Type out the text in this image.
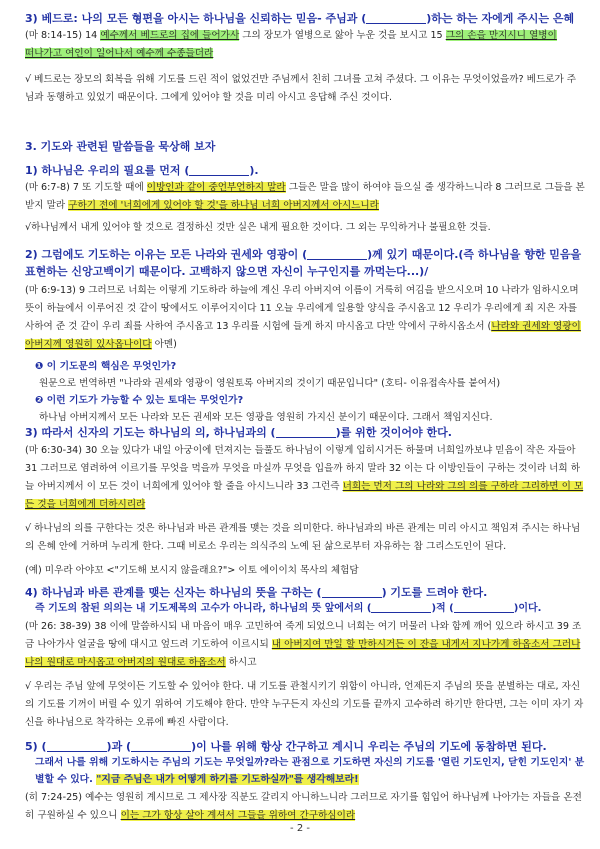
3) 베드로: 나의 모든 형편을 아시는 하나님을 신뢰하는 믿음- 주님과 (	)하는 하는 자에게 주시는 은혜
(마 8:14-15) 14 예수께서 베드로의 집에 들어가사 그의 장모가 열병으로 앓아 누운 것을 보시고 15 그의 손을 만지시니 열병이
떠나가고 여인이 일어나서 예수께 수종들더라
√ 베드로는 장모의 회복을 위해 기도를 드린 적이 없었건만 주님께서 친히 그녀를 고쳐 주셨다. 그 이유는 무엇이었을까? 베드로가 주님과 동행하고 있었기 때문이다. 그에게 있어야 할 것을 미리 아시고 응답해 주신 것이다.
3. 기도와 관련된 말씀들을 묵상해 보자
1) 하나님은 우리의 필요를 먼저 (	).
(마 6:7-8) 7 또 기도할 때에 이방인과 같이 중언부언하지 말라 그들은 말을 많이 하여야 들으실 줄 생각하느니라 8 그러므로 그들을 본받지 말라 구하기 전에 '너희에게 있어야 할 것'을 하나님 너희 아버지께서 아시느니라
√하나님께서 내게 있어야 할 것으로 결정하신 것만 실은 내게 필요한 것이다. 그 외는 무익하거나 불필요한 것들.
2) 그럼에도 기도하는 이유는 모든 나라와 권세와 영광이 (	)께 있기 때문이다.(즉 하나님을 향한 믿음을 표현하는 신앙고백이기 때문이다. 고백하지 않으면 자신이 누구인지를 까먹는다...)/
(마 6:9-13) 9 그러므로 너희는 이렇게 기도하라 하늘에 계신 우리 아버지여 이름이 거룩히 여김을 받으시오며 10 나라가 임하시오며 뜻이 하늘에서 이루어진 것 같이 땅에서도 이루어지이다 11 오늘 우리에게 일용할 양식을 주시옵고 12 우리가 우리에게 죄 지은 자를 사하여 준 것 같이 우리 죄를 사하여 주시옵고 13 우리를 시험에 들게 하지 마시옵고 다만 악에서 구하시옵소서 (나라와 권세와 영광이 아버지께 영원히 있사옵나이다 아멘)
❶ 이 기도문의 핵심은 무엇인가?
원문으로 번역하면 "나라와 권세와 영광이 영원토록 아버지의 것이기 때문입니다" (호티- 이유접속사를 붙여서)
❷ 이런 기도가 가능할 수 있는 토대는 무엇인가?
하나님 아버지께서 모든 나라와 모든 권세와 모든 영광을 영원히 가지신 분이기 때문이다. 그래서 책임지신다.
3) 따라서 신자의 기도는 하나님의 의, 하나님과의 (	)를 위한 것이어야 한다.
(마 6:30-34) 30 오늘 있다가 내일 아궁이에 던져지는 들풀도 하나님이 이렇게 입히시거든 하물며 너희일까보냐 믿음이 작은 자들아 31 그러므로 염려하여 이르기를 무엇을 먹을까 무엇을 마실까 무엇을 입을까 하지 말라 32 이는 다 이방인들이 구하는 것이라 너희 하늘 아버지께서 이 모든 것이 너희에게 있어야 할 줄을 아시느니라 33 그런즉 너희는 먼저 그의 나라와 그의 의를 구하라 그리하면 이 모든 것을 너희에게 더하시리라
√ 하나님의 의를 구한다는 것은 하나님과 바른 관계를 맺는 것을 의미한다. 하나님과의 바른 관계는 미리 아시고 책임져 주시는 하나님의 은혜 안에 거하며 누리게 한다. 그때 비로소 우리는 의식주의 노예 된 삶으로부터 자유하는 참 그리스도인이 된다.
(예) 미우라 아야꼬 <"기도해 보시지 않을래요?"> 이토 에이이치 목사의 체험담
4) 하나님과 바른 관계를 맺는 신자는 하나님의 뜻을 구하는 (	) 기도를 드려야 한다.
즉 기도의 참된 의의는 내 기도제목의 고수가 아니라, 하나님의 뜻 앞에서의 (	)적 (	)이다.
(마 26: 38-39) 38 이에 말씀하시되 내 마음이 매우 고민하여 죽게 되었으니 너희는 여기 머물러 나와 함께 깨어 있으라 하시고 39 조금 나아가사 얼굴을 땅에 대시고 엎드려 기도하여 이르시되 내 아버지여 만일 할 만하시거든 이 잔을 내게서 지나가게 하옵소서 그러나 나의 원대로 마시옵고 아버지의 원대로 하옵소서 하시고
√ 우리는 주님 앞에 무엇이든 기도할 수 있어야 한다. 내 기도를 관철시키기 위함이 아니라, 언제든지 주님의 뜻을 분별하는 대로, 자신의 기도를 기꺼이 버릴 수 있기 위하여 기도해야 한다. 만약 누구든지 자신의 기도를 끝까지 고수하려 하기만 한다면, 그는 이미 자기 자신을 하나님으로 착각하는 오류에 빠진 사람이다.
5) (	)과 (	)이 나를 위해 항상 간구하고 계시니 우리는 주님의 기도에 동참하면 된다.
그래서 나를 위해 기도하시는 주님의 기도는 무엇일까?라는 관점으로 기도하면 자신의 기도를 '열린 기도인지, 닫힌 기도인지' 분별할 수 있다. "지금 주님은 내가 어떻게 하기를 기도하실까"를 생각해보라!
(히 7:24-25) 예수는 영원히 계시므로 그 제사장 직분도 갈리지 아니하느니라 그러므로 자기를 힘입어 하나님께 나아가는 자들을 온전히 구원하실 수 있으니 이는 그가 항상 살아 계셔서 그들을 위하여 간구하심이라
- 2 -
